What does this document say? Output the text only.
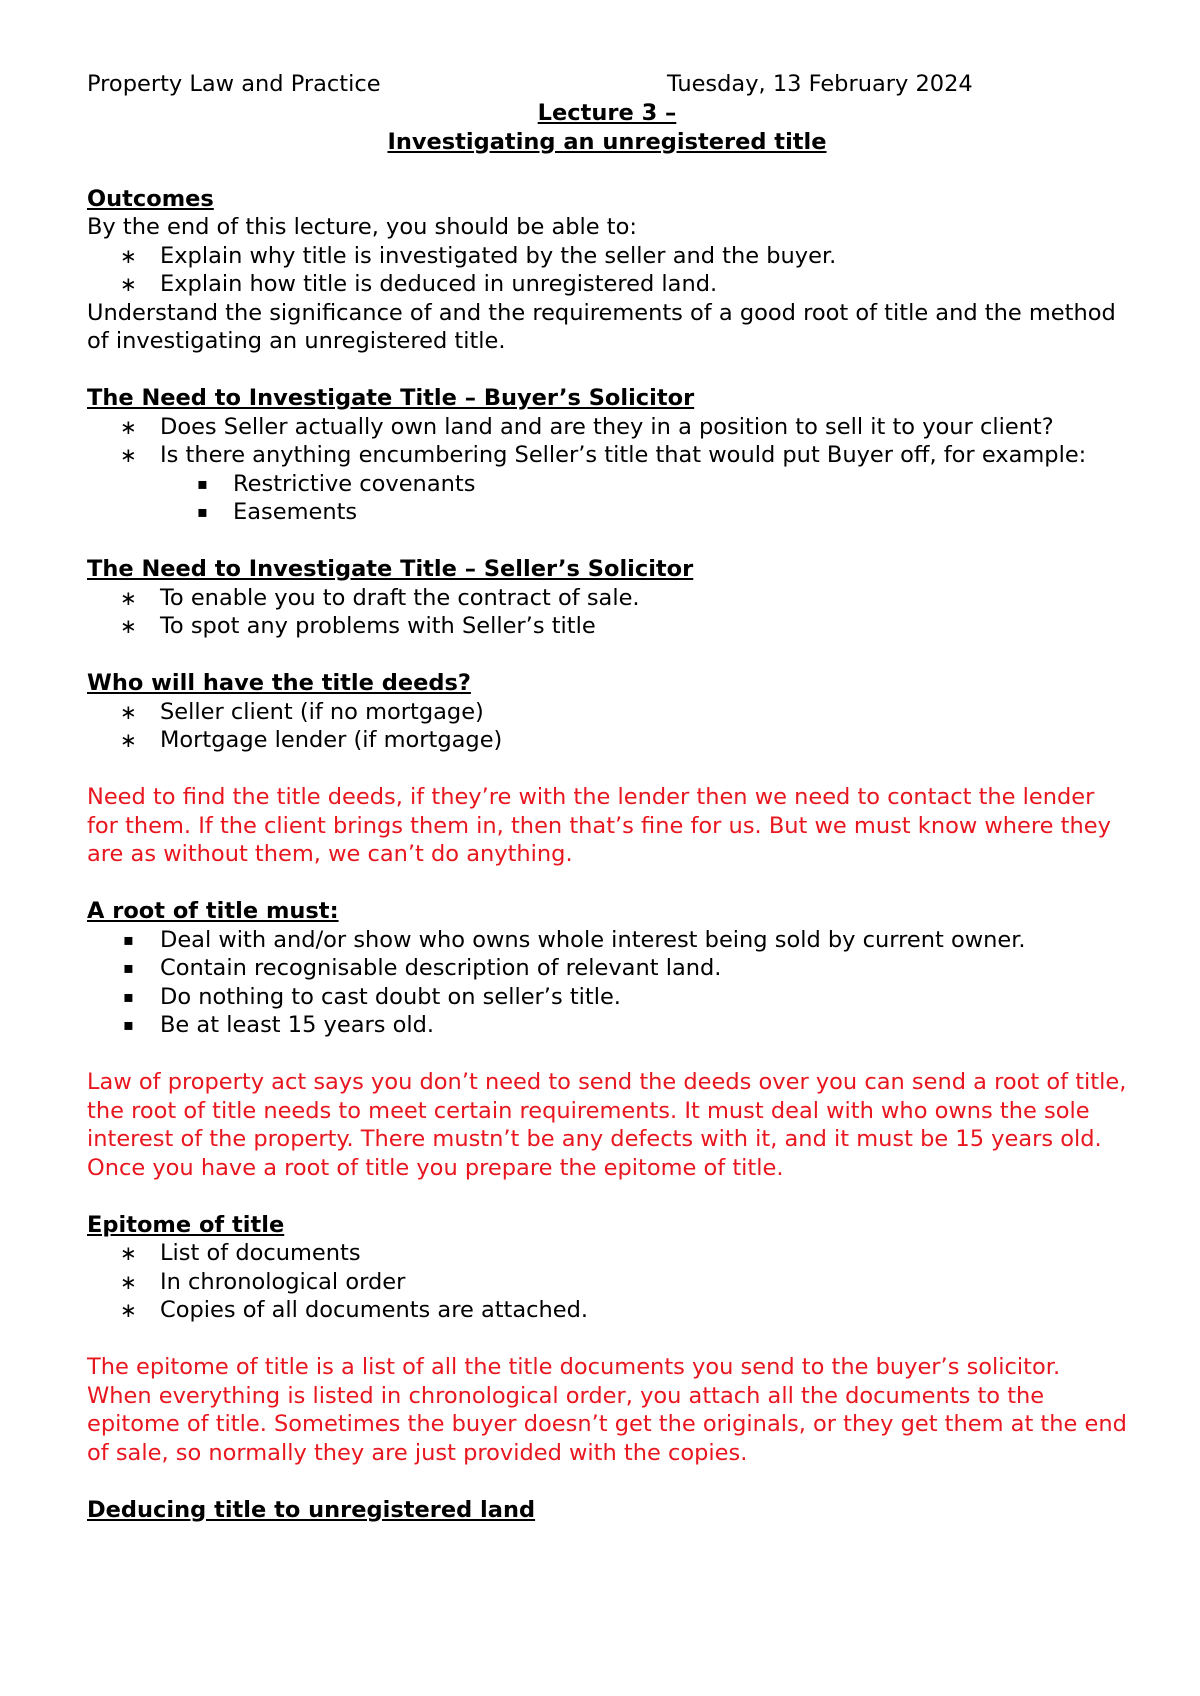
Property Law and Practice	Tuesday, 13 February 2024
Lecture 3 –
Investigating an unregistered title
Outcomes
By the end of this lecture, you should be able to:
∗ Explain why title is investigated by the seller and the buyer.
∗ Explain how title is deduced in unregistered land.
Understand the significance of and the requirements of a good root of title and the method of investigating an unregistered title.
The Need to Investigate Title – Buyer’s Solicitor
∗ Does Seller actually own land and are they in a position to sell it to your client?
∗ Is there anything encumbering Seller’s title that would put Buyer off, for example:
▪ Restrictive covenants
▪ Easements
The Need to Investigate Title – Seller’s Solicitor
∗ To enable you to draft the contract of sale.
∗ To spot any problems with Seller’s title
Who will have the title deeds?
∗ Seller client (if no mortgage)
∗ Mortgage lender (if mortgage)
Need to find the title deeds, if they’re with the lender then we need to contact the lender for them. If the client brings them in, then that’s fine for us. But we must know where they are as without them, we can’t do anything.
A root of title must:
▪ Deal with and/or show who owns whole interest being sold by current owner.
▪ Contain recognisable description of relevant land.
▪ Do nothing to cast doubt on seller’s title.
▪ Be at least 15 years old.
Law of property act says you don’t need to send the deeds over you can send a root of title, the root of title needs to meet certain requirements. It must deal with who owns the sole interest of the property. There mustn’t be any defects with it, and it must be 15 years old. Once you have a root of title you prepare the epitome of title.
Epitome of title
∗ List of documents
∗ In chronological order
∗ Copies of all documents are attached.
The epitome of title is a list of all the title documents you send to the buyer’s solicitor. When everything is listed in chronological order, you attach all the documents to the epitome of title. Sometimes the buyer doesn’t get the originals, or they get them at the end of sale, so normally they are just provided with the copies.
Deducing title to unregistered land
